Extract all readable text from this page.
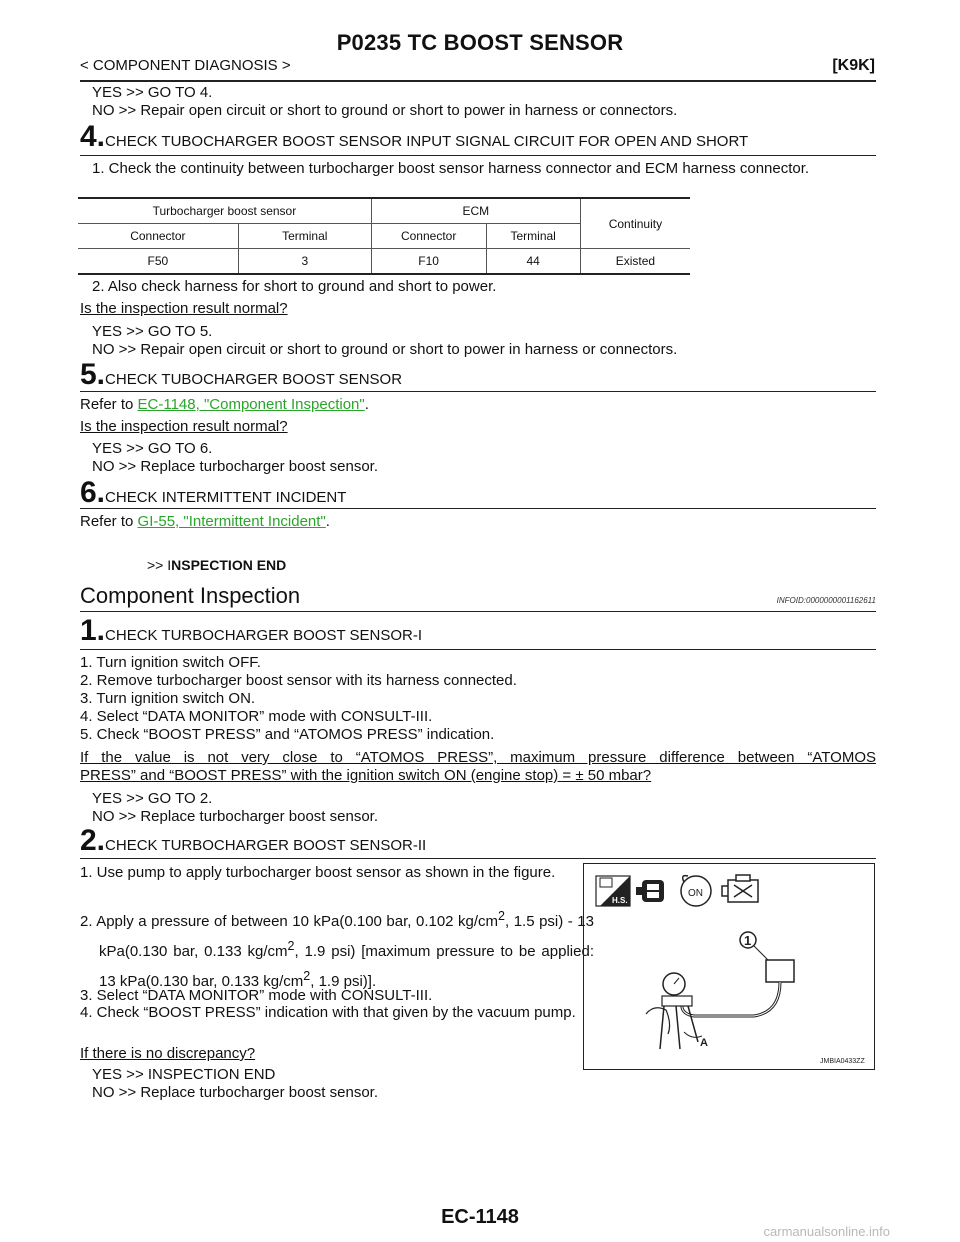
P0235 TC BOOST SENSOR
< COMPONENT DIAGNOSIS >	[K9K]
YES >> GO TO 4.
NO >> Repair open circuit or short to ground or short to power in harness or connectors.
4.CHECK TUBOCHARGER BOOST SENSOR INPUT SIGNAL CIRCUIT FOR OPEN AND SHORT
1. Check the continuity between turbocharger boost sensor harness connector and ECM harness connector.
Turbocharger boost sensor		ECM		Continuity
Connector	Terminal	Connector	Terminal	
F50	3	F10	44	Existed
2. Also check harness for short to ground and short to power.
Is the inspection result normal?
YES >> GO TO 5.
NO >> Repair open circuit or short to ground or short to power in harness or connectors.
5.CHECK TUBOCHARGER BOOST SENSOR
Refer to EC-1148, "Component Inspection".
Is the inspection result normal?
YES >> GO TO 6.
NO >> Replace turbocharger boost sensor.
6.CHECK INTERMITTENT INCIDENT
Refer to GI-55, "Intermittent Incident".
>> INSPECTION END
Component Inspection	INFOID:0000000001162611
1.CHECK TURBOCHARGER BOOST SENSOR-I
1. Turn ignition switch OFF.
2. Remove turbocharger boost sensor with its harness connected.
3. Turn ignition switch ON.
4. Select “DATA MONITOR” mode with CONSULT-III.
5. Check “BOOST PRESS” and “ATOMOS PRESS” indication.
If the value is not very close to “ATOMOS PRESS”, maximum pressure difference between “ATOMOS
PRESS” and “BOOST PRESS” with the ignition switch ON (engine stop) = ± 50 mbar?
YES >> GO TO 2.
NO >> Replace turbocharger boost sensor.
2.CHECK TURBOCHARGER BOOST SENSOR-II
1. Use pump to apply turbocharger boost sensor as shown in the figure.
2. Apply a pressure of between 10 kPa(0.100 bar, 0.102 $kg/cm^2$, 1.5 psi) - 13 kPa(0.130 bar, 0.133 $kg/cm^2$, 1.9 psi) [maximum pressure to be applied: 13 kPa(0.130 bar, 0.133 $kg/cm^2$, 1.9 psi)].
3. Select “DATA MONITOR” mode with CONSULT-III.
4. Check “BOOST PRESS” indication with that given by the vacuum pump.
If there is no discrepancy?
YES >> INSPECTION END
NO >> Replace turbocharger boost sensor.
H.S.
ON
1
A
JMBIA0433ZZ
EC-1148
carmanualsonline.info
